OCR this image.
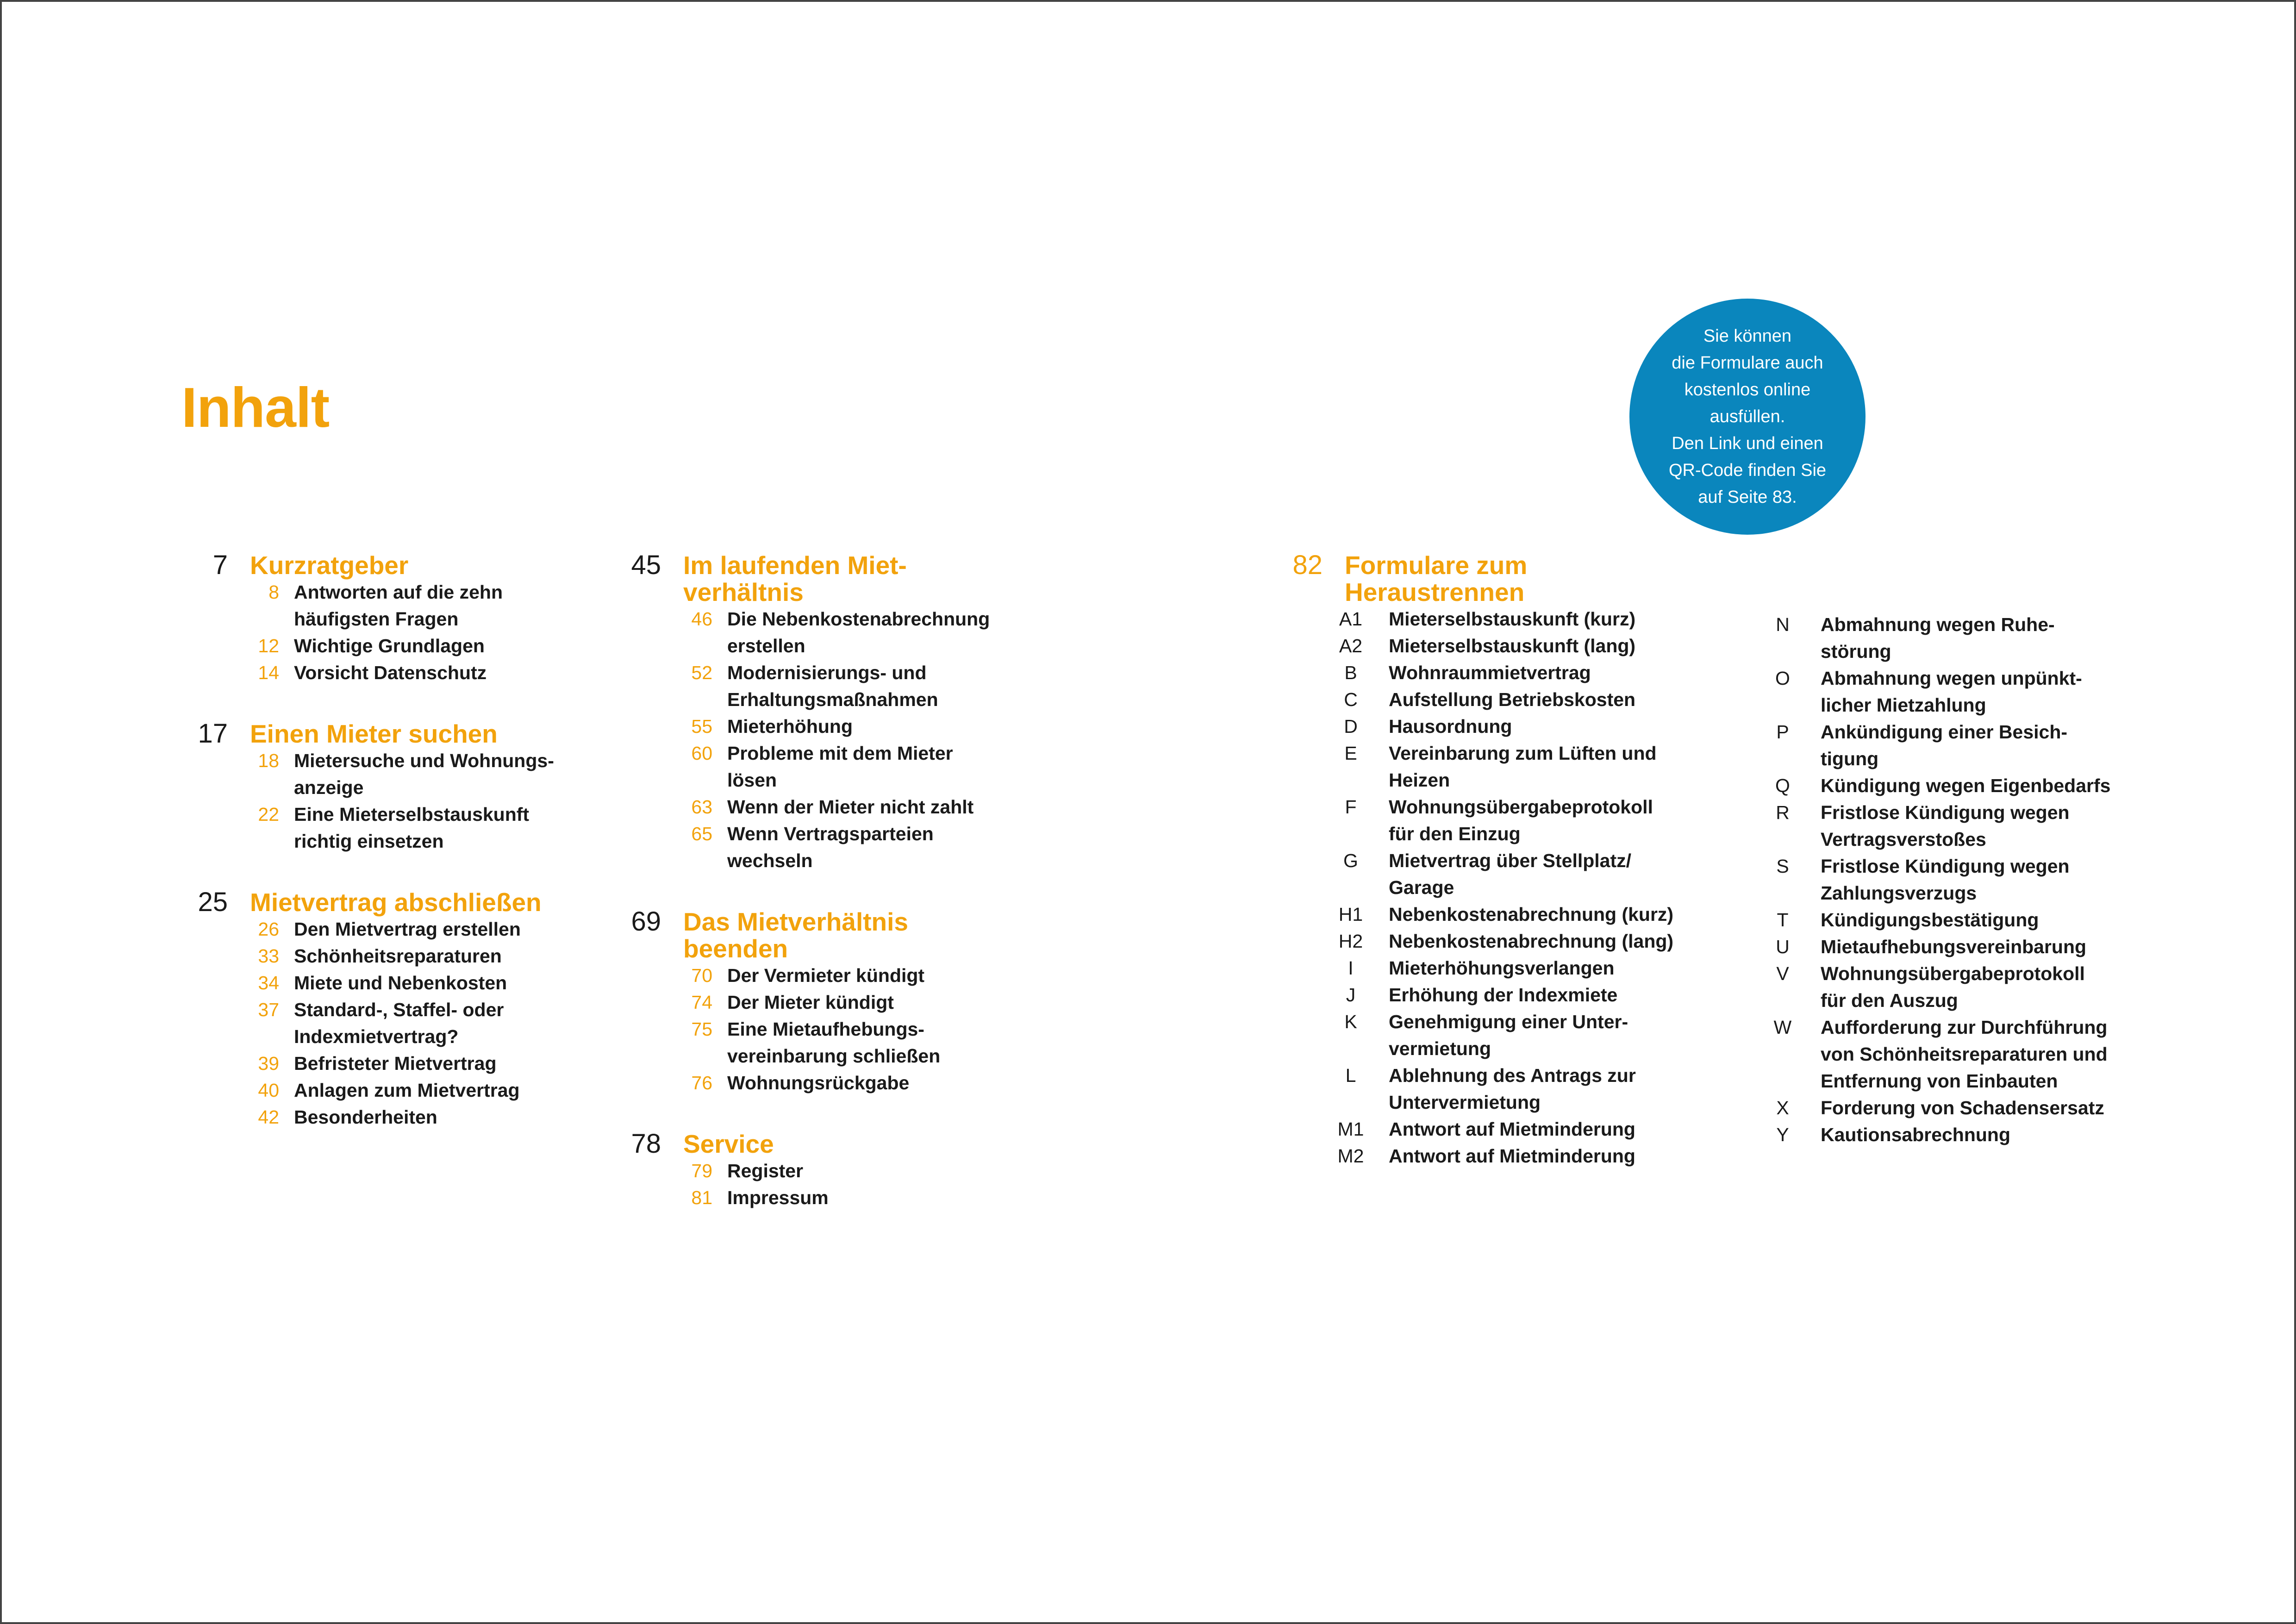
Inhalt
Sie können
die Formulare auch
kostenlos online ausfüllen.
Den Link und einen
QR-Code finden Sie
auf Seite 83.
7 Kurzratgeber
8 Antworten auf die zehn
häufigsten Fragen
12 Wichtige Grundlagen
14 Vorsicht Datenschutz
17 Einen Mieter suchen
18 Mietersuche und Wohnungs-
anzeige
22 Eine Mieterselbstauskunft
richtig einsetzen
25 Mietvertrag abschließen
26 Den Mietvertrag erstellen
33 Schönheitsreparaturen
34 Miete und Nebenkosten
37 Standard-, Staffel- oder
Indexmietvertrag?
39 Befristeter Mietvertrag
40 Anlagen zum Mietvertrag
42 Besonderheiten
45 Im laufenden Miet-
verhältnis
46 Die Nebenkostenabrechnung
erstellen
52 Modernisierungs- und
Erhaltungsmaßnahmen
55 Mieterhöhung
60 Probleme mit dem Mieter
lösen
63 Wenn der Mieter nicht zahlt
65 Wenn Vertragsparteien
wechseln
69 Das Mietverhältnis
beenden
70 Der Vermieter kündigt
74 Der Mieter kündigt
75 Eine Mietaufhebungs-
vereinbarung schließen
76 Wohnungsrückgabe
78 Service
79 Register
81 Impressum
82 Formulare zum
Heraustrennen
A1	Mieterselbstauskunft (kurz)
A2	Mieterselbstauskunft (lang)
B	Wohnraummietvertrag
C	Aufstellung Betriebskosten
D	Hausordnung
E	Vereinbarung zum Lüften und
Heizen
F	Wohnungsübergabeprotokoll
für den Einzug
G	Mietvertrag über Stellplatz/
Garage
H1	Nebenkostenabrechnung (kurz)
H2	Nebenkostenabrechnung (lang)
I	Mieterhöhungsverlangen
J	Erhöhung der Indexmiete
K	Genehmigung einer Unter-
vermietung
L	Ablehnung des Antrags zur
Untervermietung
M1	Antwort auf Mietminderung
M2	Antwort auf Mietminderung
N	Abmahnung wegen Ruhe-
störung
O	Abmahnung wegen unpünkt-
licher Mietzahlung
P	Ankündigung einer Besich-
tigung
Q	Kündigung wegen Eigenbedarfs
R	Fristlose Kündigung wegen
Vertragsverstoßes
S	Fristlose Kündigung wegen
Zahlungsverzugs
T	Kündigungsbestätigung
U	Mietaufhebungsvereinbarung
V	Wohnungsübergabeprotokoll
für den Auszug
W	Aufforderung zur Durchführung
von Schönheitsreparaturen und
Entfernung von Einbauten
X	Forderung von Schadensersatz
Y	Kautionsabrechnung
